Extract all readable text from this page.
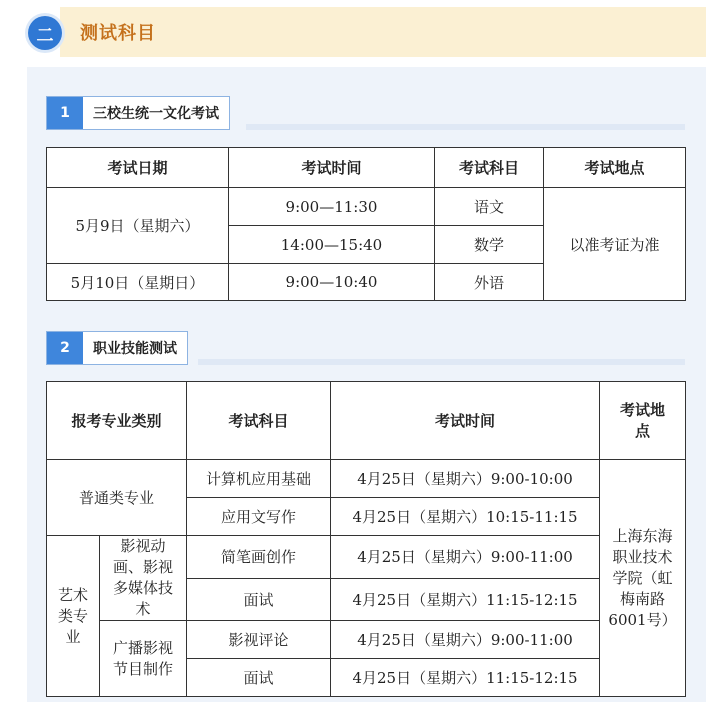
二	测试科目
1	三校生统一文化考试
考试日期	考试时间	考试科目	考试地点
5月9日（星期六）	9:00—11:30	语文	以准考证为准
	14:00—15:40	数学	
5月10日（星期日）	9:00—10:40	外语	
2	职业技能测试
报考专业类别		考试科目	考试时间	考试地点
普通类专业		计算机应用基础	4月25日（星期六）9:00-10:00	上海东海职业技术学院（虹梅南路6001号）
		应用文写作	4月25日（星期六）10:15-11:15	
艺术类专业	影视动画、影视多媒体技术	简笔画创作	4月25日（星期六）9:00-11:00	
		面试	4月25日（星期六）11:15-12:15	
	广播影视节目制作	影视评论	4月25日（星期六）9:00-11:00	
		面试	4月25日（星期六）11:15-12:15	
